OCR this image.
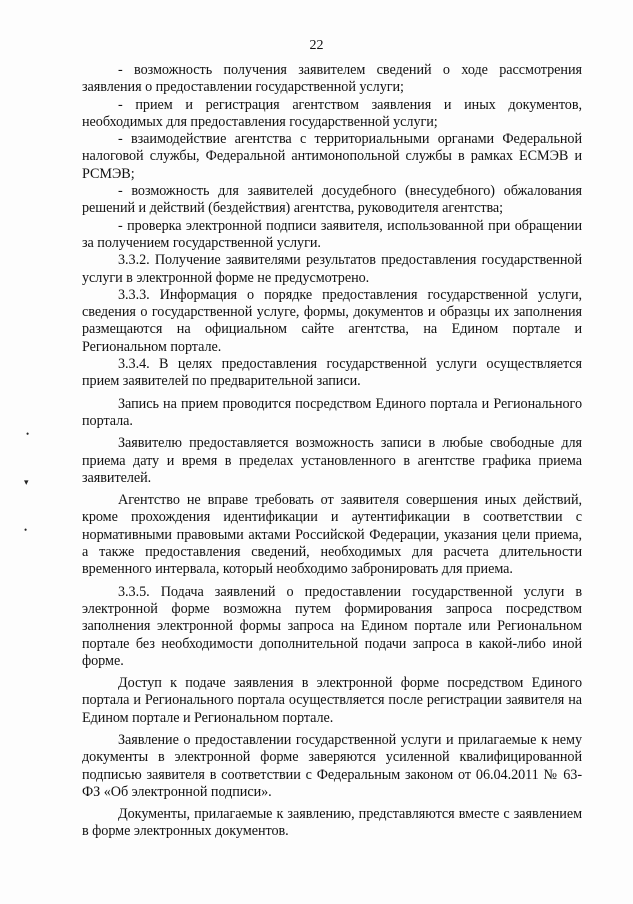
22

- возможность получения заявителем сведений о ходе рассмотрения заявления о предоставлении государственной услуги;

- прием и регистрация агентством заявления и иных документов, необходимых для предоставления государственной услуги;

- взаимодействие агентства с территориальными органами Федеральной налоговой службы, Федеральной антимонопольной службы в рамках ЕСМЭВ и РСМЭВ;

- возможность для заявителей досудебного (внесудебного) обжалования решений и действий (бездействия) агентства, руководителя агентства;

- проверка электронной подписи заявителя, использованной при обращении за получением государственной услуги.

3.3.2. Получение заявителями результатов предоставления государственной услуги в электронной форме не предусмотрено.

3.3.3. Информация о порядке предоставления государственной услуги, сведения о государственной услуге, формы, документов и образцы их заполнения размещаются на официальном сайте агентства, на Едином портале и Региональном портале.

3.3.4. В целях предоставления государственной услуги осуществляется прием заявителей по предварительной записи.

Запись на прием проводится посредством Единого портала и Регионального портала.

Заявителю предоставляется возможность записи в любые свободные для приема дату и время в пределах установленного в агентстве графика приема заявителей.

Агентство не вправе требовать от заявителя совершения иных действий, кроме прохождения идентификации и аутентификации в соответствии с нормативными правовыми актами Российской Федерации, указания цели приема, а также предоставления сведений, необходимых для расчета длительности временного интервала, который необходимо забронировать для приема.

3.3.5. Подача заявлений о предоставлении государственной услуги в электронной форме возможна путем формирования запроса посредством заполнения электронной формы запроса на Едином портале или Региональном портале без необходимости дополнительной подачи запроса в какой-либо иной форме.

Доступ к подаче заявления в электронной форме посредством Единого портала и Регионального портала осуществляется после регистрации заявителя на Едином портале и Региональном портале.

Заявление о предоставлении государственной услуги и прилагаемые к нему документы в электронной форме заверяются усиленной квалифицированной подписью заявителя в соответствии с Федеральным законом от 06.04.2011 № 63-ФЗ «Об электронной подписи».

Документы, прилагаемые к заявлению, представляются вместе с заявлением в форме электронных документов.

•
▾
•
